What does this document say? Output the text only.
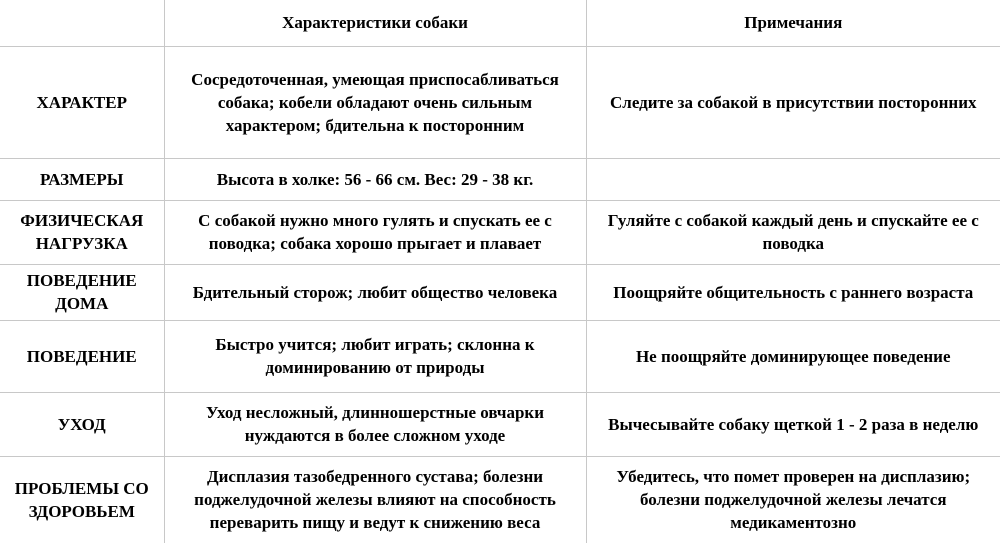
	Характеристики собаки	Примечания
ХАРАКТЕР	Сосредоточенная, умеющая приспосабливаться собака; кобели обладают очень сильным характером; бдительна к посторонним	Следите за собакой в присутствии посторонних
РАЗМЕРЫ	Высота в холке: 56 - 66 см. Вес: 29 - 38 кг.	
ФИЗИЧЕСКАЯ НАГРУЗКА	С собакой нужно много гулять и спускать ее с поводка; собака хорошо прыгает и плавает	Гуляйте с собакой каждый день и спускайте ее с поводка
ПОВЕДЕНИЕ ДОМА	Бдительный сторож; любит общество человека	Поощряйте общительность с раннего возраста
ПОВЕДЕНИЕ	Быстро учится; любит играть; склонна к доминированию от природы	Не поощряйте доминирующее поведение
УХОД	Уход несложный, длинношерстные овчарки нуждаются в более сложном уходе	Вычесывайте собаку щеткой 1 - 2 раза в неделю
ПРОБЛЕМЫ СО ЗДОРОВЬЕМ	Дисплазия тазобедренного сустава; болезни поджелудочной железы влияют на способность переварить пищу и ведут к снижению веса	Убедитесь, что помет проверен на дисплазию; болезни поджелудочной железы лечатся медикаментозно
